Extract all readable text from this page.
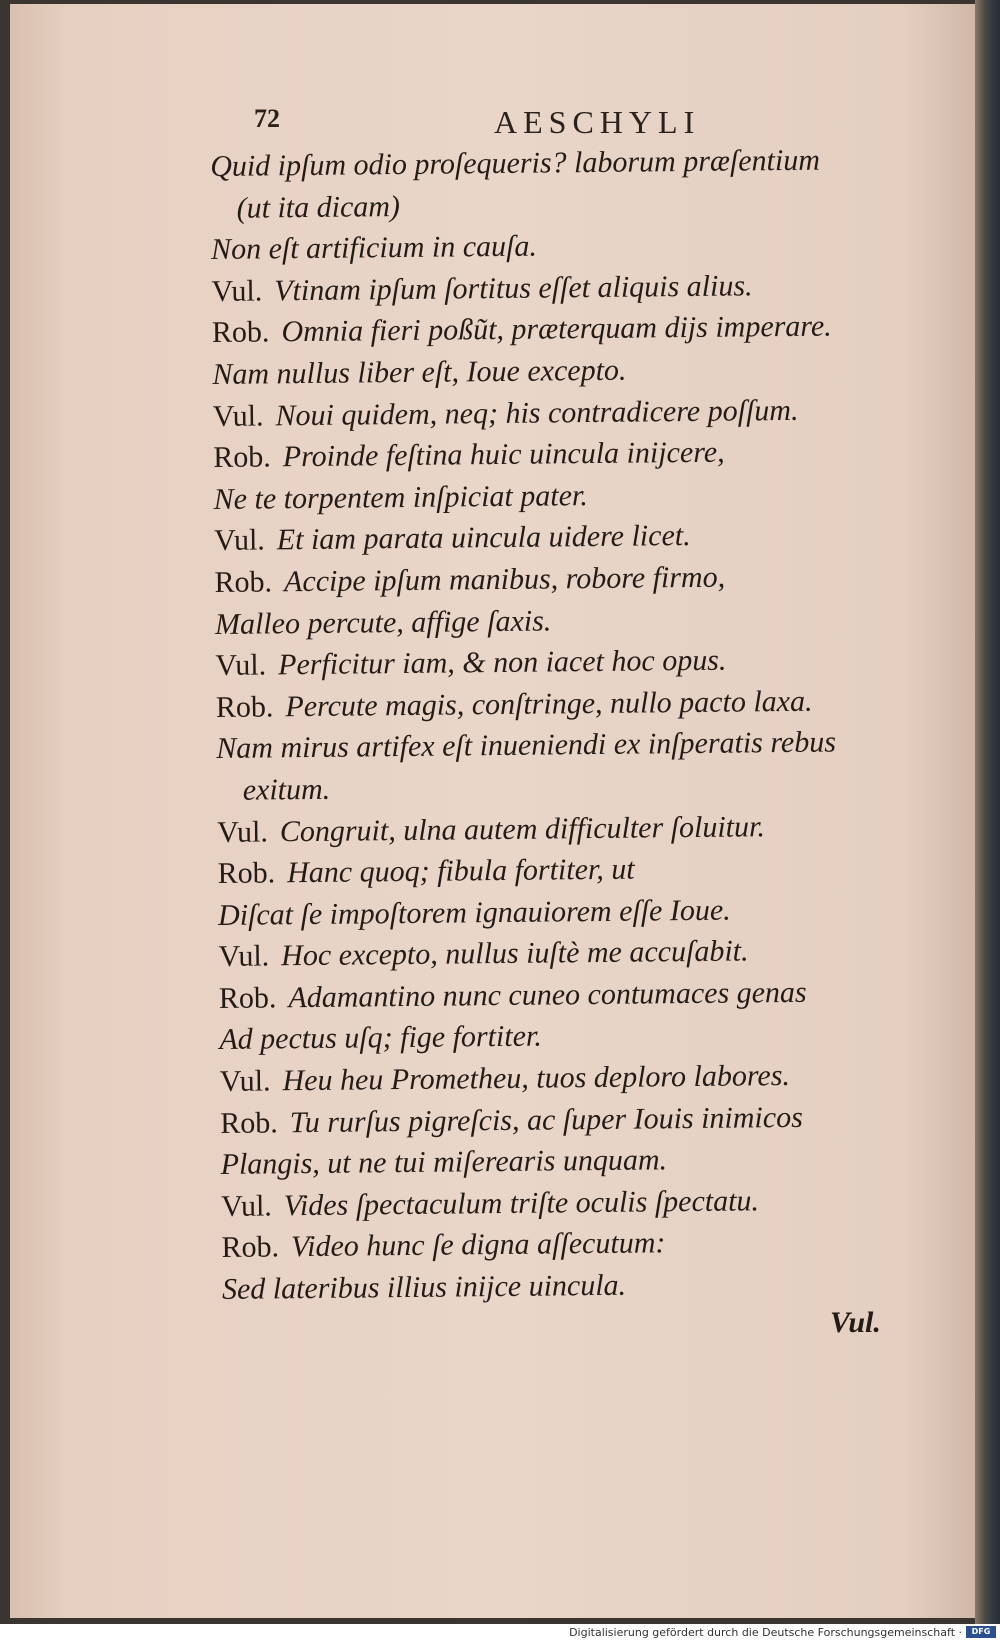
72	AESCHYLI
Quid ipſum odio proſequeris? laborum præſentium
(ut ita dicam)
Non eſt artificium in cauſa.
Vul. Vtinam ipſum ſortitus eſſet aliquis alius.
Rob. Omnia fieri poßũt, præterquam dijs imperare.
Nam nullus liber eſt, Ioue excepto.
Vul. Noui quidem, neq; his contradicere poſſum.
Rob. Proinde feſtina huic uincula inijcere,
Ne te torpentem inſpiciat pater.
Vul. Et iam parata uincula uidere licet.
Rob. Accipe ipſum manibus, robore firmo,
Malleo percute, affige ſaxis.
Vul. Perficitur iam, & non iacet hoc opus.
Rob. Percute magis, conſtringe, nullo pacto laxa.
Nam mirus artifex eſt inueniendi ex inſperatis rebus
exitum.
Vul. Congruit, ulna autem difficulter ſoluitur.
Rob. Hanc quoq; fibula fortiter, ut
Diſcat ſe impoſtorem ignauiorem eſſe Ioue.
Vul. Hoc excepto, nullus iuſtè me accuſabit.
Rob. Adamantino nunc cuneo contumaces genas
Ad pectus uſq; fige fortiter.
Vul. Heu heu Prometheu, tuos deploro labores.
Rob. Tu rurſus pigreſcis, ac ſuper Iouis inimicos
Plangis, ut ne tui miſerearis unquam.
Vul. Vides ſpectaculum triſte oculis ſpectatu.
Rob. Video hunc ſe digna aſſecutum:
Sed lateribus illius inijce uincula.
Vul.
Digitalisierung gefördert durch die Deutsche Forschungsgemeinschaft ·	DFG
